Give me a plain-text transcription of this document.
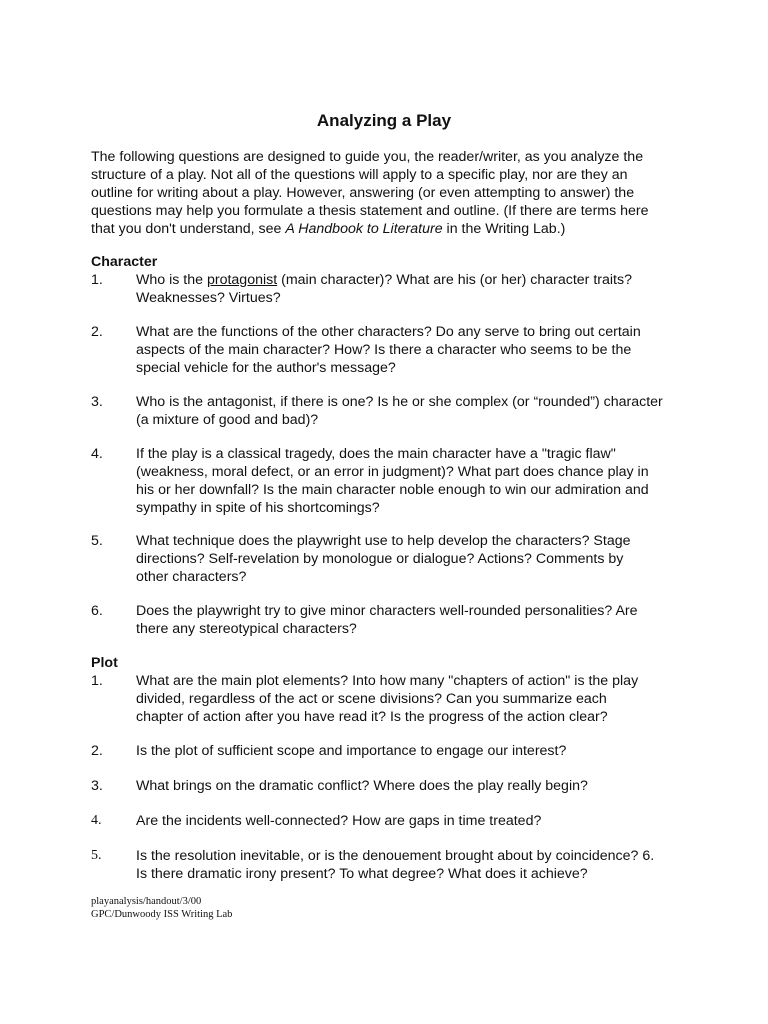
Analyzing a Play
The following questions are designed to guide you, the reader/writer, as you analyze the
structure of a play. Not all of the questions will apply to a specific play, nor are they an
outline for writing about a play. However, answering (or even attempting to answer) the
questions may help you formulate a thesis statement and outline. (If there are terms here
that you don't understand, see A Handbook to Literature in the Writing Lab.)
Character
1. Who is the protagonist (main character)? What are his (or her) character traits?
Weaknesses? Virtues?
2. What are the functions of the other characters? Do any serve to bring out certain
aspects of the main character? How? Is there a character who seems to be the
special vehicle for the author's message?
3. Who is the antagonist, if there is one? Is he or she complex (or “rounded”) character
(a mixture of good and bad)?
4. If the play is a classical tragedy, does the main character have a "tragic flaw"
(weakness, moral defect, or an error in judgment)? What part does chance play in
his or her downfall? Is the main character noble enough to win our admiration and
sympathy in spite of his shortcomings?
5. What technique does the playwright use to help develop the characters? Stage
directions? Self-revelation by monologue or dialogue? Actions? Comments by
other characters?
6. Does the playwright try to give minor characters well-rounded personalities? Are
there any stereotypical characters?
Plot
1. What are the main plot elements? Into how many "chapters of action" is the play
divided, regardless of the act or scene divisions? Can you summarize each
chapter of action after you have read it? Is the progress of the action clear?
2. Is the plot of sufficient scope and importance to engage our interest?
3. What brings on the dramatic conflict? Where does the play really begin?
4. Are the incidents well-connected? How are gaps in time treated?
5. Is the resolution inevitable, or is the denouement brought about by coincidence? 6.
Is there dramatic irony present? To what degree? What does it achieve?
playanalysis/handout/3/00
GPC/Dunwoody ISS Writing Lab
